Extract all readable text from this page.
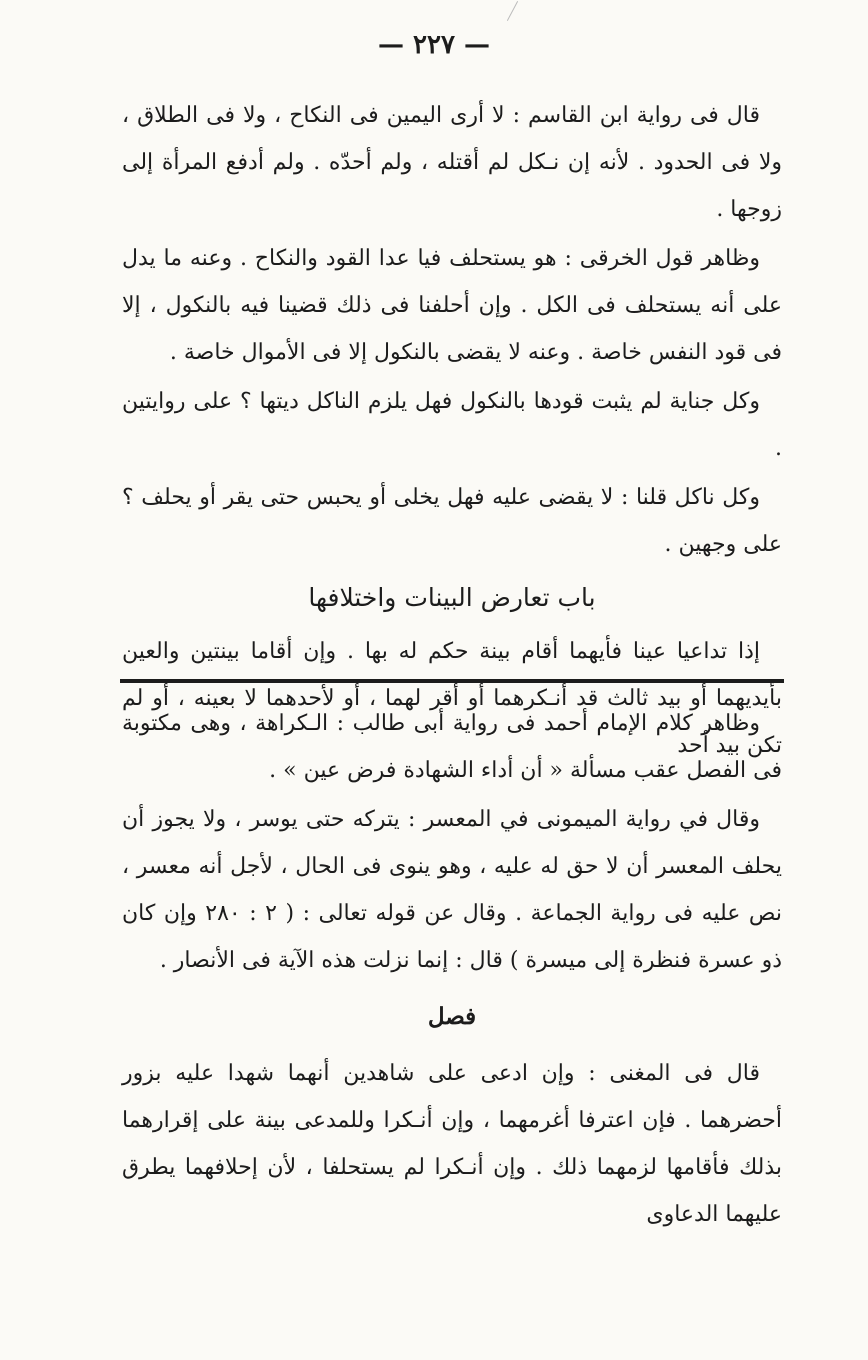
— ٢٢٧ —

قال فى رواية ابن القاسم : لا أرى اليمين فى النكاح ، ولا فى الطلاق ، ولا فى الحدود . لأنه إن نـكل لم أقتله ، ولم أحدّه . ولم أدفع المرأة إلى زوجها .

وظاهر قول الخرقى : هو يستحلف فيا عدا القود والنكاح . وعنه ما يدل على أنه يستحلف فى الكل . وإن أحلفنا فى ذلك قضينا فيه بالنكول ، إلا فى قود النفس خاصة . وعنه لا يقضى بالنكول إلا فى الأموال خاصة .

وكل جناية لم يثبت قودها بالنكول فهل يلزم الناكل ديتها ؟ على روايتين .

وكل ناكل قلنا : لا يقضى عليه فهل يخلى أو يحبس حتى يقر أو يحلف ؟ على وجهين .

باب تعارض البينات واختلافها

إذا تداعيا عينا فأيهما أقام بينة حكم له بها . وإن أقاما بينتين والعين بأيديهما أو بيد ثالث قد أنـكرهما أو أقر لهما ، أو لأحدهما لا بعينه ، أو لم تكن بيد أحد

وظاهر كلام الإمام أحمد فى رواية أبى طالب : الـكراهة ، وهى مكتوبة فى الفصل عقب مسألة « أن أداء الشهادة فرض عين » .

وقال في رواية الميمونى في المعسر : يتركه حتى يوسر ، ولا يجوز أن يحلف المعسر أن لا حق له عليه ، وهو ينوى فى الحال ، لأجل أنه معسر ، نص عليه فى رواية الجماعة . وقال عن قوله تعالى : ( ٢ : ٢٨٠ وإن كان ذو عسرة فنظرة إلى ميسرة ) قال : إنما نزلت هذه الآية فى الأنصار .

فصل

قال فى المغنى : وإن ادعى على شاهدين أنهما شهدا عليه بزور أحضرهما . فإن اعترفا أغرمهما ، وإن أنـكرا وللمدعى بينة على إقرارهما بذلك فأقامها لزمهما ذلك . وإن أنـكرا لم يستحلفا ، لأن إحلافهما يطرق عليهما الدعاوى
